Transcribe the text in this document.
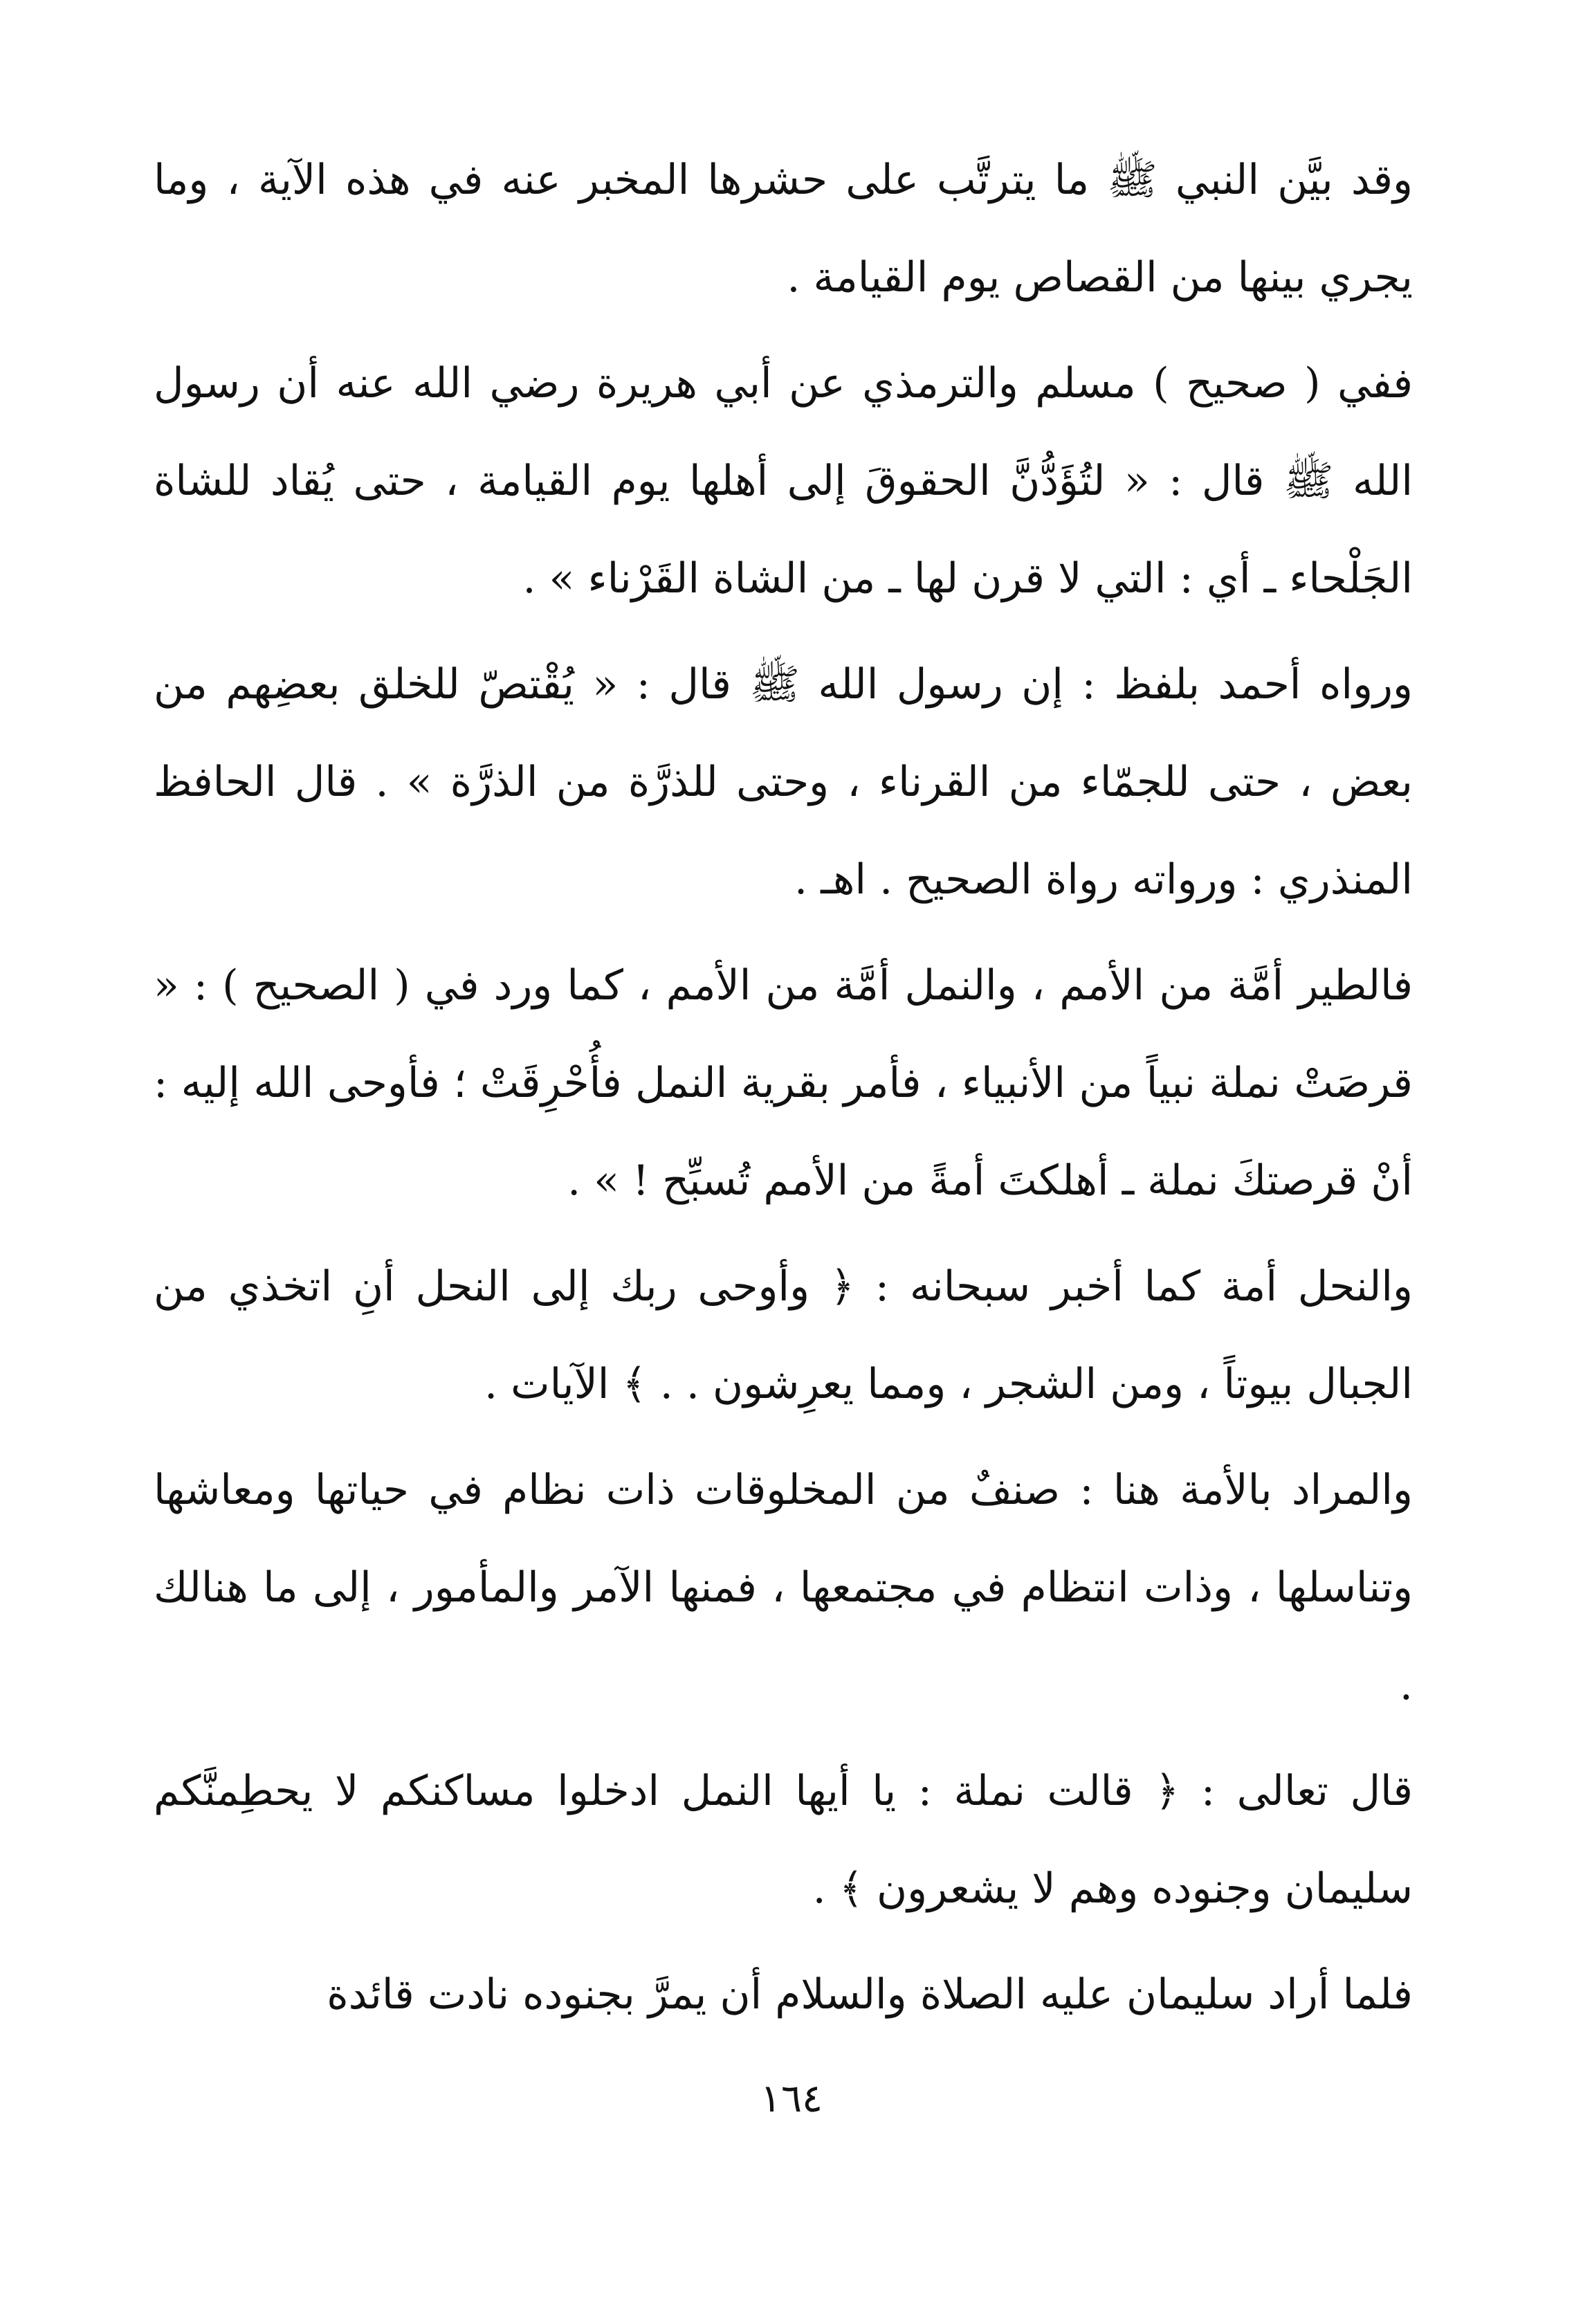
وقد بيَّن النبي ﷺ ما يترتَّب على حشرها المخبر عنه في هذه الآية ، وما يجري بينها من القصاص يوم القيامة .

ففي ( صحيح ) مسلم والترمذي عن أبي هريرة رضي الله عنه أن رسول الله ﷺ قال : « لتُؤَدُّنَّ الحقوقَ إلى أهلها يوم القيامة ، حتى يُقاد للشاة الجَلْحاء ـ أي : التي لا قرن لها ـ من الشاة القَرْناء » .

ورواه أحمد بلفظ : إن رسول الله ﷺ قال : « يُقْتصّ للخلق بعضِهم من بعض ، حتى للجمّاء من القرناء ، وحتى للذرَّة من الذرَّة » . قال الحافظ المنذري : ورواته رواة الصحيح . اهـ .

فالطير أمَّة من الأمم ، والنمل أمَّة من الأمم ، كما ورد في ( الصحيح ) : « قرصَتْ نملة نبياً من الأنبياء ، فأمر بقرية النمل فأُحْرِقَتْ ؛ فأوحى الله إليه : أنْ قرصتكَ نملة ـ أهلكتَ أمةً من الأمم تُسبِّح ! » .

والنحل أمة كما أخبر سبحانه : ﴿ وأوحى ربك إلى النحل أنِ اتخذي من الجبال بيوتاً ، ومن الشجر ، ومما يعرِشون . . ﴾ الآيات .

والمراد بالأمة هنا : صنفٌ من المخلوقات ذات نظام في حياتها ومعاشها وتناسلها ، وذات انتظام في مجتمعها ، فمنها الآمر والمأمور ، إلى ما هنالك .

قال تعالى : ﴿ قالت نملة : يا أيها النمل ادخلوا مساكنكم لا يحطِمنَّكم سليمان وجنوده وهم لا يشعرون ﴾ .

فلما أراد سليمان عليه الصلاة والسلام أن يمرَّ بجنوده نادت قائدة

١٦٤
